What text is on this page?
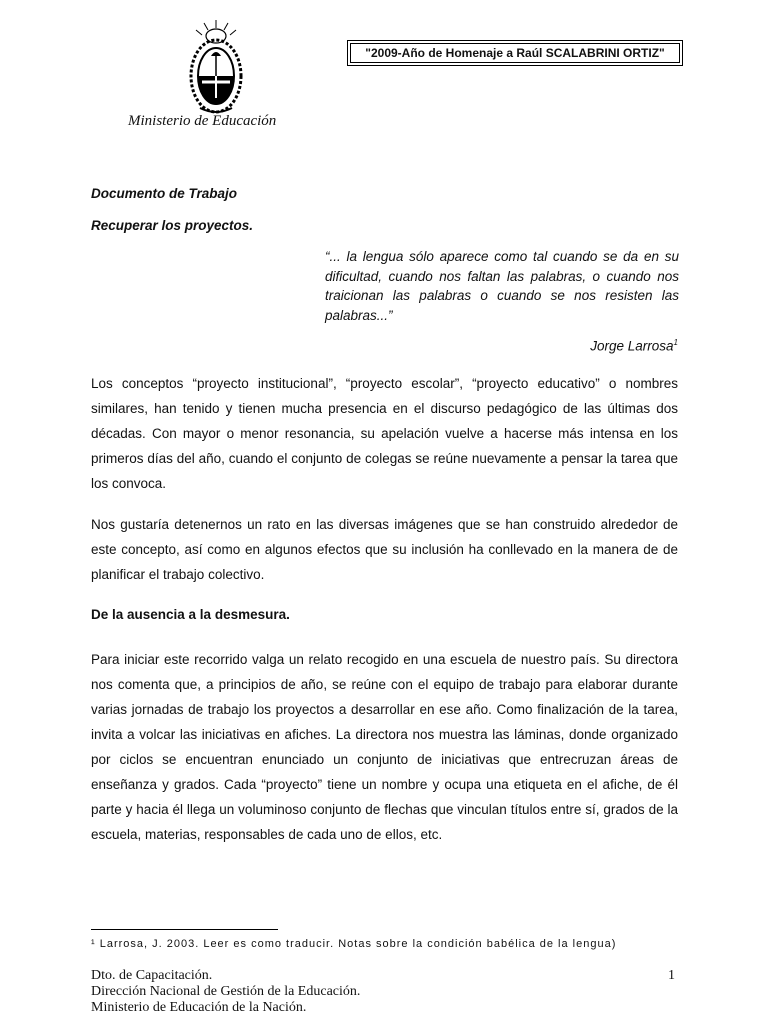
Ministerio de Educación
"2009-Año de Homenaje a Raúl SCALABRINI ORTIZ"
Documento de Trabajo
Recuperar los proyectos.
“... la lengua sólo aparece como tal cuando se da en su dificultad, cuando nos faltan las palabras, o cuando nos traicionan las palabras o cuando se nos resisten las palabras...”
Jorge Larrosa$^1$
Los conceptos “proyecto institucional”, “proyecto escolar”, “proyecto educativo” o nombres similares, han tenido y tienen mucha presencia en el discurso pedagógico de las últimas dos décadas. Con mayor o menor resonancia, su apelación vuelve a hacerse más intensa en los primeros días del año, cuando el conjunto de colegas se reúne nuevamente a pensar la tarea que los convoca.
Nos gustaría detenernos un rato en las diversas imágenes que se han construido alrededor de este concepto, así como en algunos efectos que su inclusión ha conllevado en la manera de de planificar el trabajo colectivo.
De la ausencia a la desmesura.
Para iniciar este recorrido valga un relato recogido en una escuela de nuestro país. Su directora nos comenta que, a principios de año, se reúne con el equipo de trabajo para elaborar durante varias jornadas de trabajo los proyectos a desarrollar en ese año. Como finalización de la tarea, invita a volcar las iniciativas en afiches. La directora nos muestra las láminas, donde organizado por ciclos se encuentran enunciado un conjunto de iniciativas que entrecruzan áreas de enseñanza y grados. Cada “proyecto” tiene un nombre y ocupa una etiqueta en el afiche, de él parte y hacia él llega un voluminoso conjunto de flechas que vinculan títulos entre sí, grados de la escuela, materias, responsables de cada uno de ellos, etc.
¹ Larrosa, J. 2003. Leer es como traducir. Notas sobre la condición babélica de la lengua)
Dto. de Capacitación.
Dirección Nacional de Gestión de la Educación.
Ministerio de Educación de la Nación.
1
